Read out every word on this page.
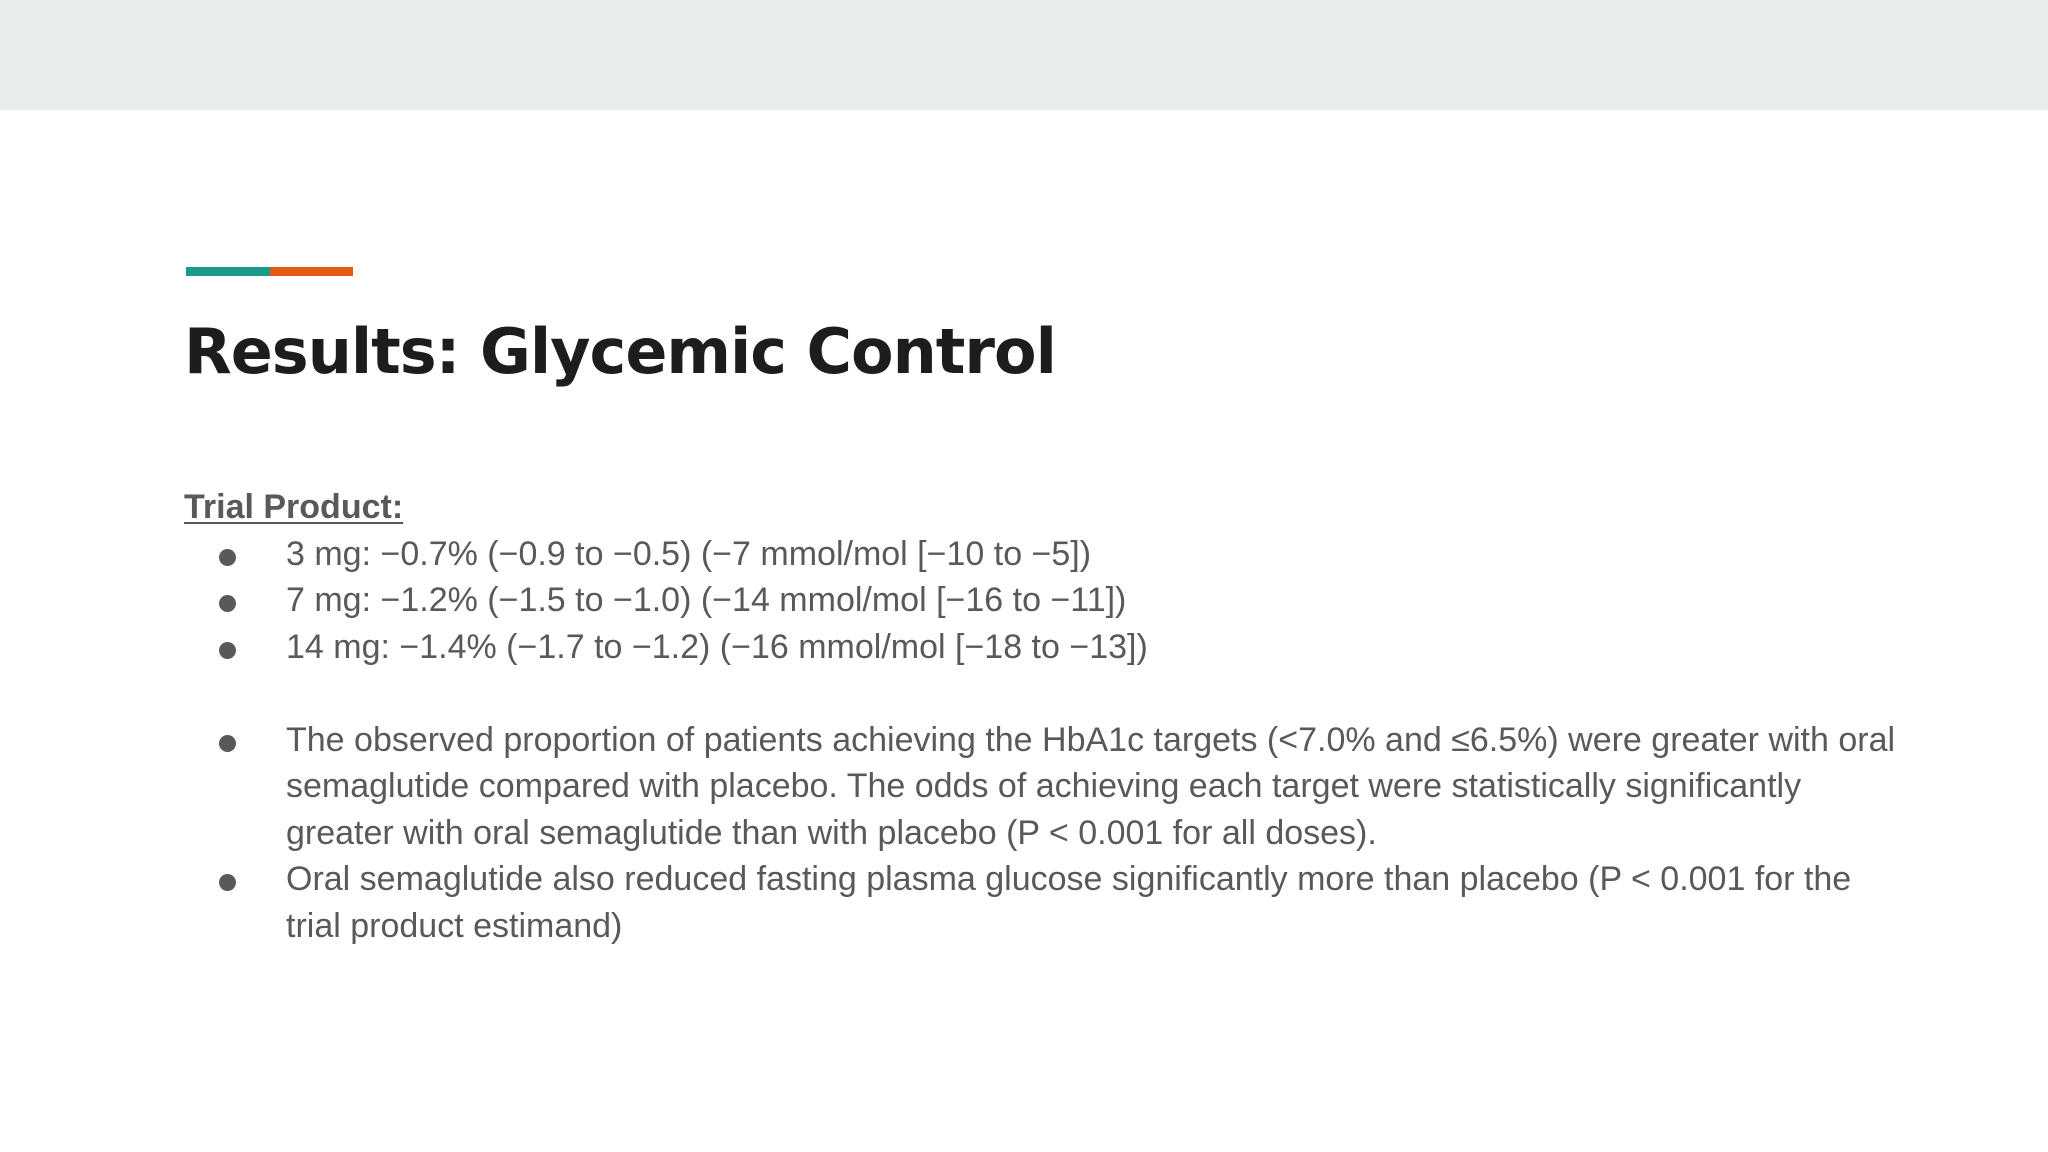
Results: Glycemic Control
Trial Product:
3 mg: −0.7% (−0.9 to −0.5) (−7 mmol/mol [−10 to −5])
7 mg: −1.2% (−1.5 to −1.0) (−14 mmol/mol [−16 to −11])
14 mg: −1.4% (−1.7 to −1.2) (−16 mmol/mol [−18 to −13])
The observed proportion of patients achieving the HbA1c targets (<7.0% and ≤6.5%) were greater with oral semaglutide compared with placebo. The odds of achieving each target were statistically significantly greater with oral semaglutide than with placebo (P < 0.001 for all doses).
Oral semaglutide also reduced fasting plasma glucose significantly more than placebo (P < 0.001 for the trial product estimand)
